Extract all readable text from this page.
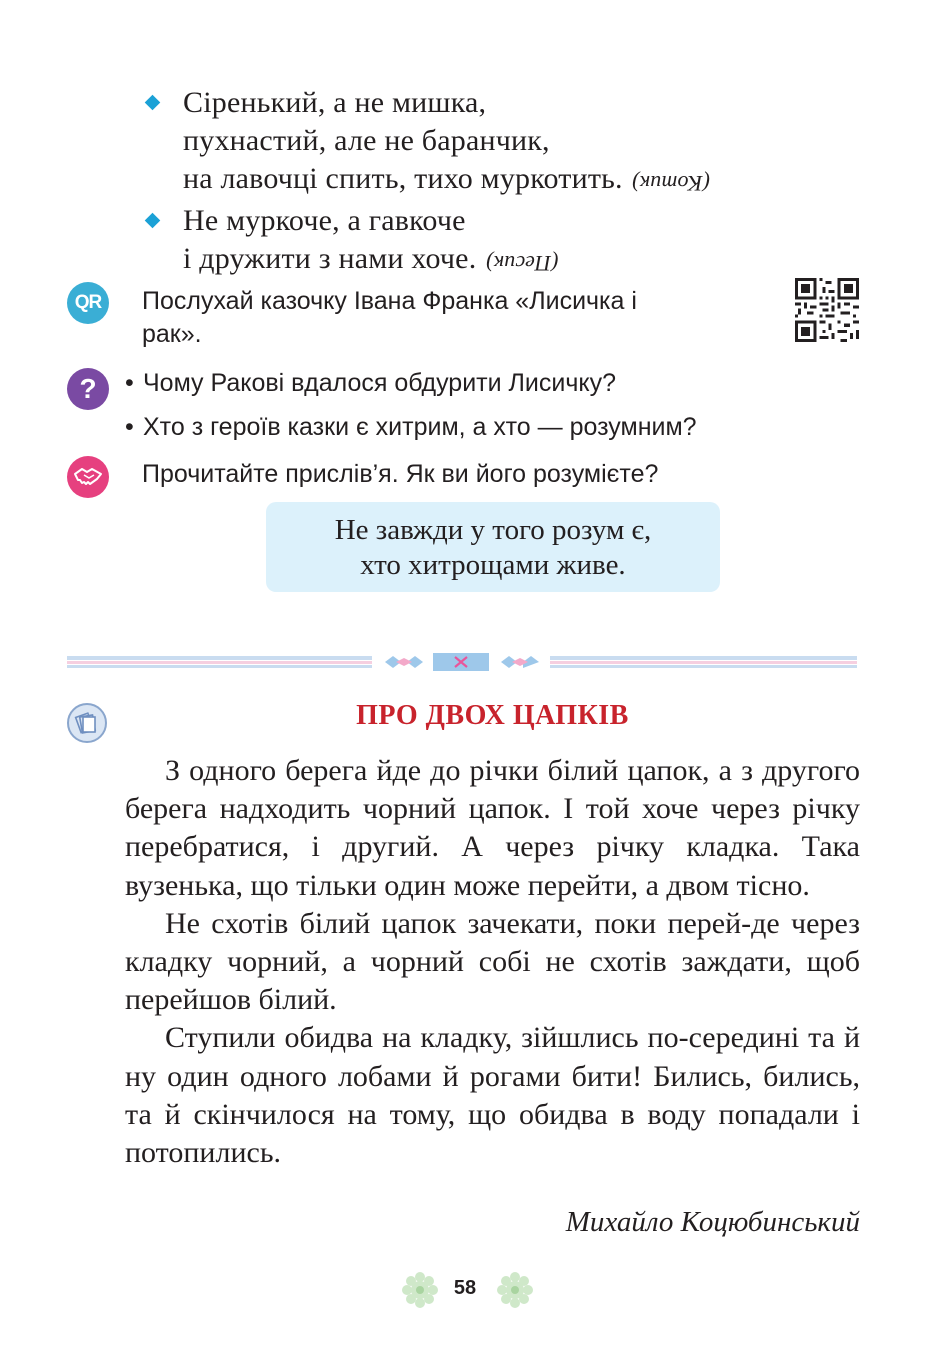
Сіренький, а не мишка,
пухнастий, але не баранчик,
на лавочці спить, тихо муркотить. (Котик)
Не муркоче, а гавкоче
і дружити з нами хоче. (Песик)
QR	Послухай казочку Івана Франка «Лисичка і
рак».
?	• Чому Ракові вдалося обдурити Лисичку?
• Хто з героїв казки є хитрим, а хто — розумним?
Прочитайте прислів’я. Як ви його розумієте?
Не завжди у того розум є,
хто хитрощами живе.
ПРО ДВОХ ЦАПКІВ

З одного берега йде до річки білий цапок, а з другого берега надходить чорний цапок. І той хоче через річку перебратися, і другий. А через річку кладка. Така вузенька, що тільки один може перейти, а двом тісно.

Не схотів білий цапок зачекати, поки перей-де через кладку чорний, а чорний собі не схотів заждати, щоб перейшов білий.

Ступили обидва на кладку, зійшлись по-серединi та й ну один одного лобами й рогами бити! Бились, бились, та й скінчилося на тому, що обидва в воду попадали і потопились.

Михайло Коцюбинський
58
